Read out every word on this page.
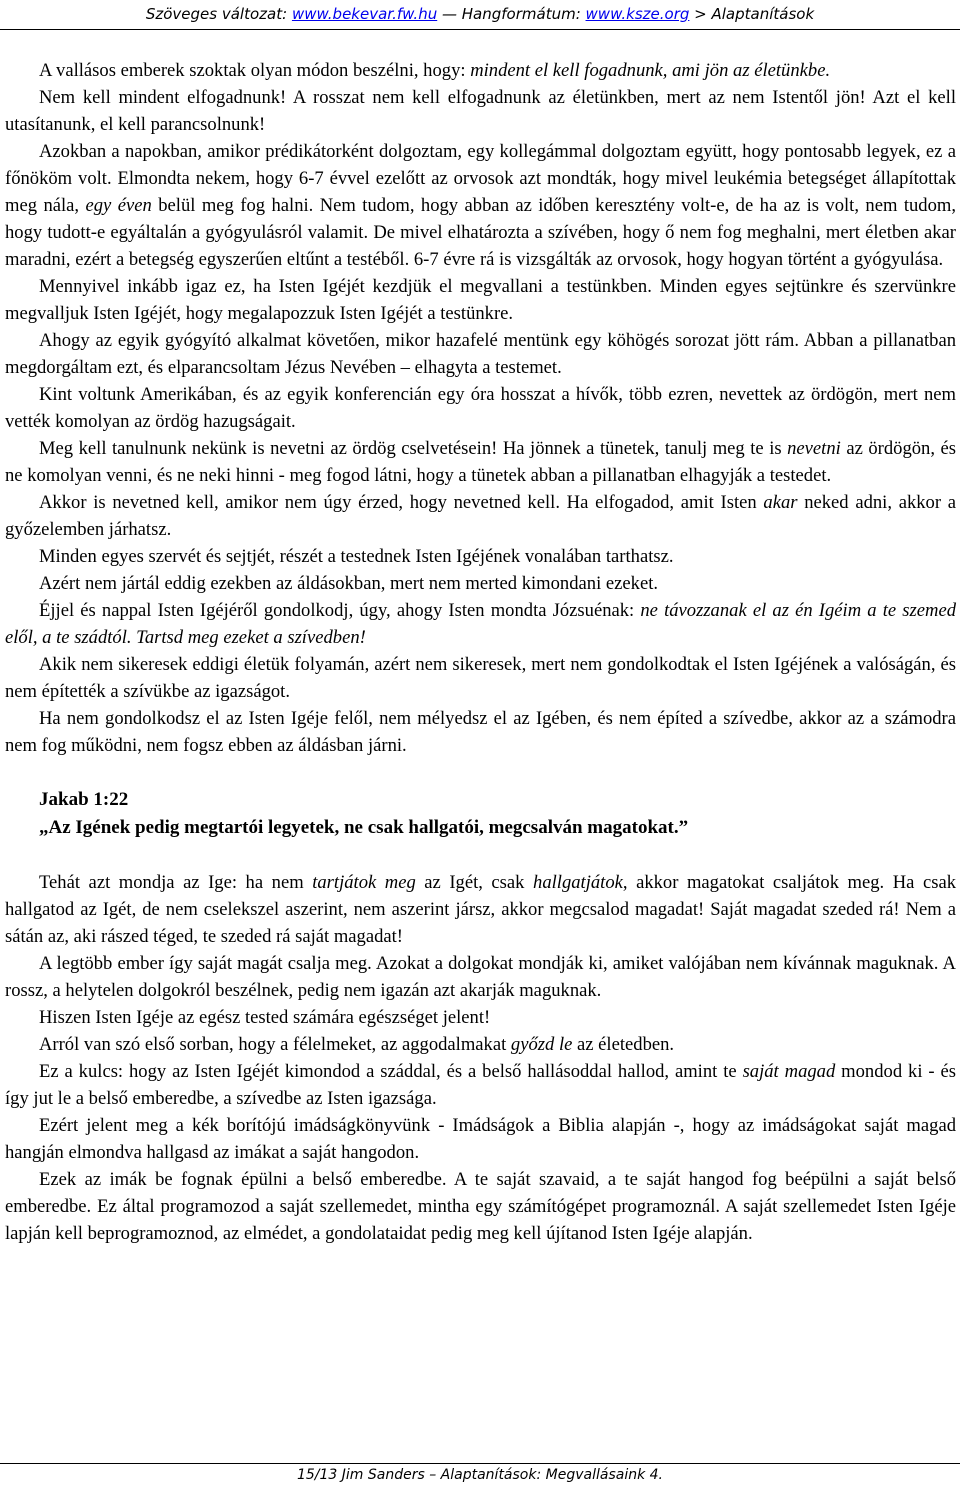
Szöveges változat: www.bekevar.fw.hu — Hangformátum: www.ksze.org > Alaptanítások

A vallásos emberek szoktak olyan módon beszélni, hogy: mindent el kell fogadnunk, ami jön az életünkbe.

Nem kell mindent elfogadnunk! A rosszat nem kell elfogadnunk az életünkben, mert az nem Istentől jön! Azt el kell utasítanunk, el kell parancsolnunk!

Azokban a napokban, amikor prédikátorként dolgoztam, egy kollegámmal dolgoztam együtt, hogy pontosabb legyek, ez a főnököm volt. Elmondta nekem, hogy 6-7 évvel ezelőtt az orvosok azt mondták, hogy mivel leukémia betegséget állapítottak meg nála, egy éven belül meg fog halni. Nem tudom, hogy abban az időben keresztény volt-e, de ha az is volt, nem tudom, hogy tudott-e egyáltalán a gyógyulásról valamit. De mivel elhatározta a szívében, hogy ő nem fog meghalni, mert életben akar maradni, ezért a betegség egyszerűen eltűnt a testéből. 6-7 évre rá is vizsgálták az orvosok, hogy hogyan történt a gyógyulása.

Mennyivel inkább igaz ez, ha Isten Igéjét kezdjük el megvallani a testünkben. Minden egyes sejtünkre és szervünkre megvalljuk Isten Igéjét, hogy megalapozzuk Isten Igéjét a testünkre.

Ahogy az egyik gyógyító alkalmat követően, mikor hazafelé mentünk egy köhögés sorozat jött rám. Abban a pillanatban megdorgáltam ezt, és elparancsoltam Jézus Nevében – elhagyta a testemet.

Kint voltunk Amerikában, és az egyik konferencián egy óra hosszat a hívők, több ezren, nevettek az ördögön, mert nem vették komolyan az ördög hazugságait.

Meg kell tanulnunk nekünk is nevetni az ördög cselvetésein! Ha jönnek a tünetek, tanulj meg te is nevetni az ördögön, és ne komolyan venni, és ne neki hinni - meg fogod látni, hogy a tünetek abban a pillanatban elhagyják a testedet.

Akkor is nevetned kell, amikor nem úgy érzed, hogy nevetned kell. Ha elfogadod, amit Isten akar neked adni, akkor a győzelemben járhatsz.

Minden egyes szervét és sejtjét, részét a testednek Isten Igéjének vonalában tarthatsz.

Azért nem jártál eddig ezekben az áldásokban, mert nem merted kimondani ezeket.

Éjjel és nappal Isten Igéjéről gondolkodj, úgy, ahogy Isten mondta Józsuénak: ne távozzanak el az én Igéim a te szemed elől, a te szádtól. Tartsd meg ezeket a szívedben!

Akik nem sikeresek eddigi életük folyamán, azért nem sikeresek, mert nem gondolkodtak el Isten Igéjének a valóságán, és nem építették a szívükbe az igazságot.

Ha nem gondolkodsz el az Isten Igéje felől, nem mélyedsz el az Igében, és nem építed a szívedbe, akkor az a számodra nem fog működni, nem fogsz ebben az áldásban járni.

Jakab 1:22
„Az Igének pedig megtartói legyetek, ne csak hallgatói, megcsalván magatokat.”

Tehát azt mondja az Ige: ha nem tartjátok meg az Igét, csak hallgatjátok, akkor magatokat csaljátok meg. Ha csak hallgatod az Igét, de nem cselekszel aszerint, nem aszerint jársz, akkor megcsalod magadat! Saját magadat szeded rá! Nem a sátán az, aki rászed téged, te szeded rá saját magadat!

A legtöbb ember így saját magát csalja meg. Azokat a dolgokat mondják ki, amiket valójában nem kívánnak maguknak. A rossz, a helytelen dolgokról beszélnek, pedig nem igazán azt akarják maguknak.

Hiszen Isten Igéje az egész tested számára egészséget jelent!

Arról van szó első sorban, hogy a félelmeket, az aggodalmakat győzd le az életedben.

Ez a kulcs: hogy az Isten Igéjét kimondod a száddal, és a belső hallásoddal hallod, amint te saját magad mondod ki - és így jut le a belső emberedbe, a szívedbe az Isten igazsága.

Ezért jelent meg a kék borítójú imádságkönyvünk - Imádságok a Biblia alapján -, hogy az imádságokat saját magad hangján elmondva hallgasd az imákat a saját hangodon.

Ezek az imák be fognak épülni a belső emberedbe. A te saját szavaid, a te saját hangod fog beépülni a saját belső emberedbe. Ez által programozod a saját szellemedet, mintha egy számítógépet programoznál. A saját szellemedet Isten Igéje lapján kell beprogramoznod, az elmédet, a gondolataidat pedig meg kell újítanod Isten Igéje alapján.

15/13 Jim Sanders – Alaptanítások: Megvallásaink 4.
